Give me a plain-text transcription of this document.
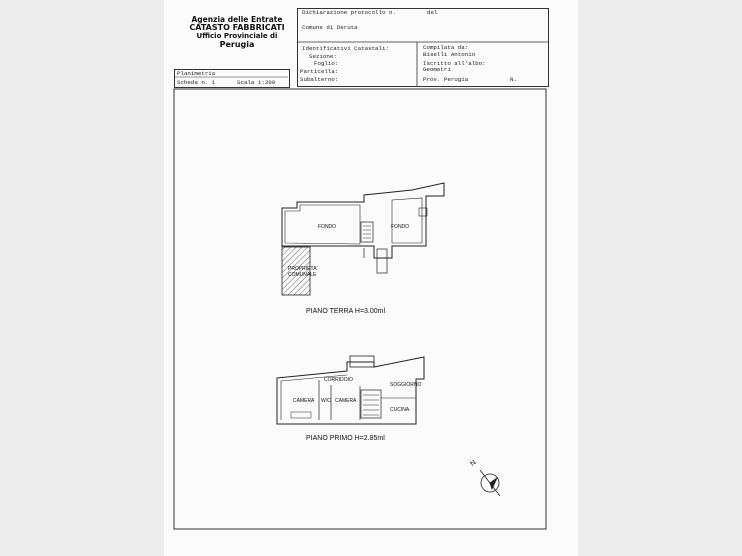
Agenzia delle Entrate
CATASTO FABBRICATI
Ufficio Provinciale di
Perugia
Dichiarazione protocollo n.	del
Comune di Deruta
Identificativi Catastali:
Sezione:
Foglio:
Particella:
Subalterno:
Compilata da:
Biselli Antonio
Iscritto all'albo:
Geometri
Prov. Perugia	N.
Planimetria
Scheda n. 1	Scala 1:200
FONDO	FONDO
PROPRIETA'
COMUNALE
PIANO TERRA H=3.00ml
CORRIDOIO
SOGGIORNO
CAMERA W/C CAMERA
CUCINA
PIANO PRIMO H=2.85ml
N
